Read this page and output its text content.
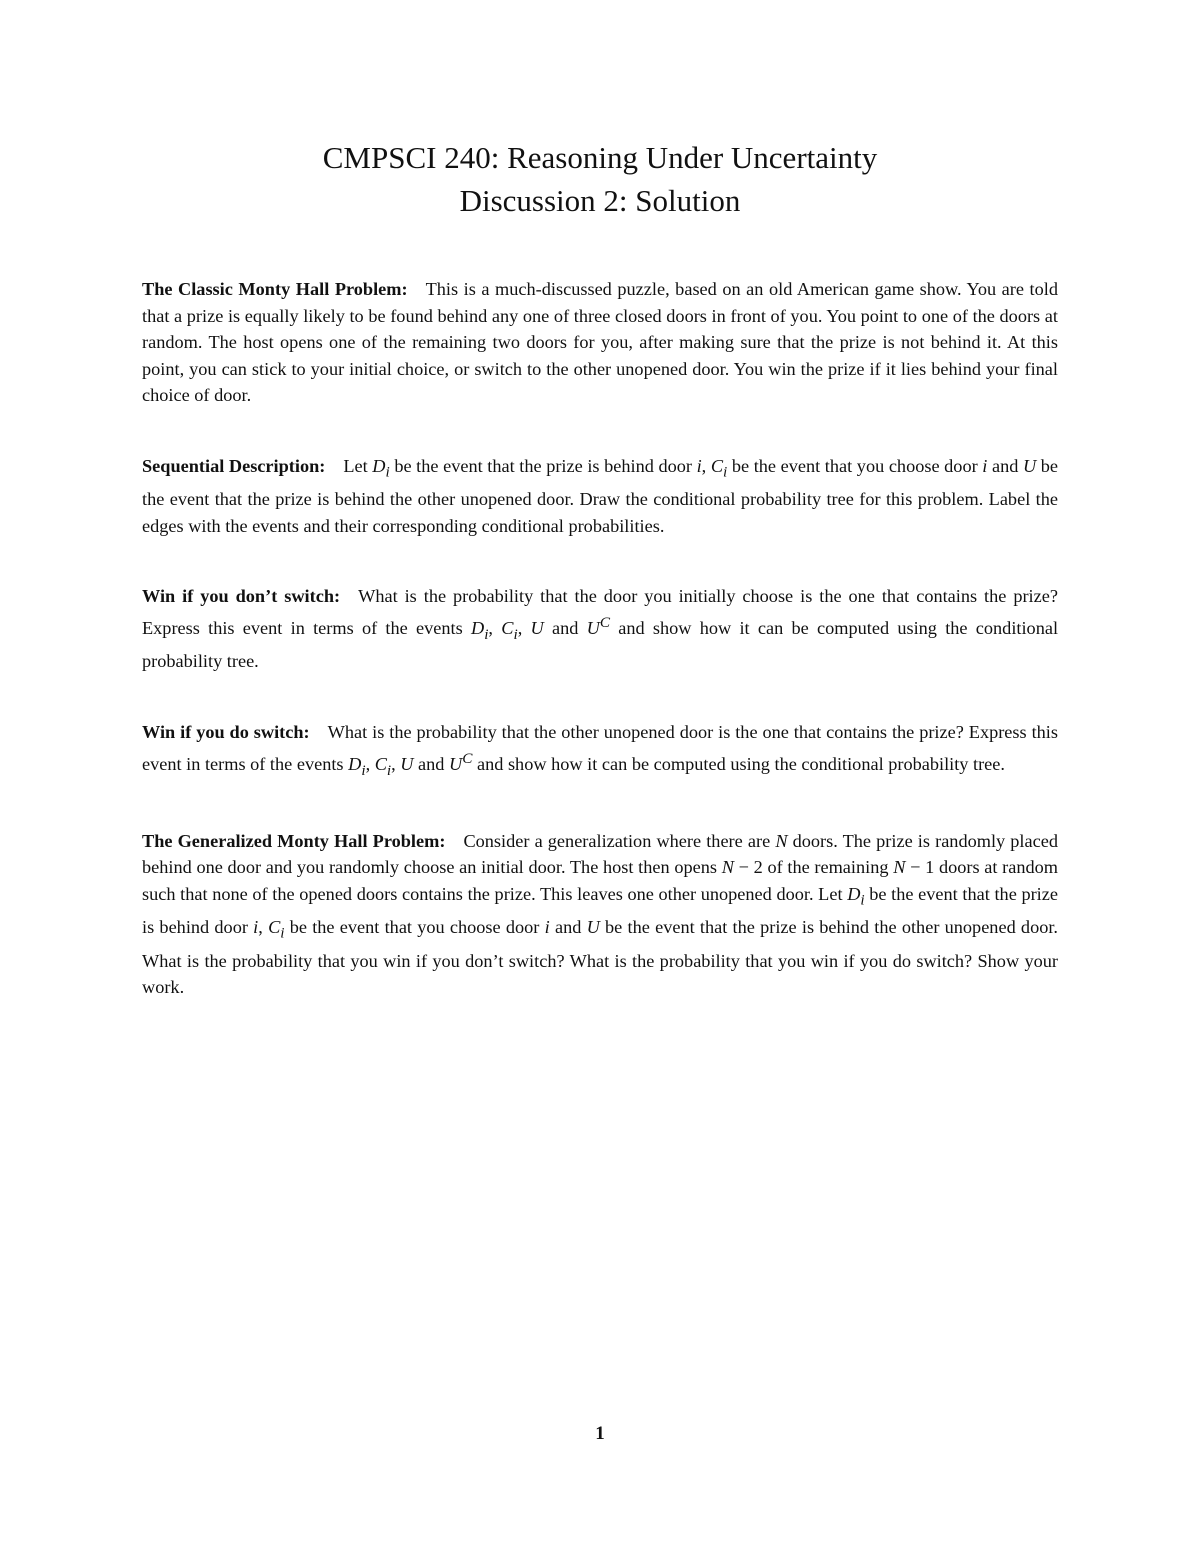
CMPSCI 240: Reasoning Under Uncertainty

Discussion 2: Solution

The Classic Monty Hall Problem: This is a much-discussed puzzle, based on an old American game show. You are told that a prize is equally likely to be found behind any one of three closed doors in front of you. You point to one of the doors at random. The host opens one of the remaining two doors for you, after making sure that the prize is not behind it. At this point, you can stick to your initial choice, or switch to the other unopened door. You win the prize if it lies behind your final choice of door.

Sequential Description: Let $D_i$ be the event that the prize is behind door i, $C_i$ be the event that you choose door i and U be the event that the prize is behind the other unopened door. Draw the conditional probability tree for this problem. Label the edges with the events and their corresponding conditional probabilities.

Win if you don’t switch: What is the probability that the door you initially choose is the one that contains the prize? Express this event in terms of the events $D_i$, $C_i$, U and $U^C$ and show how it can be computed using the conditional probability tree.

Win if you do switch: What is the probability that the other unopened door is the one that contains the prize? Express this event in terms of the events $D_i$, $C_i$, U and $U^C$ and show how it can be computed using the conditional probability tree.

The Generalized Monty Hall Problem: Consider a generalization where there are N doors. The prize is randomly placed behind one door and you randomly choose an initial door. The host then opens N − 2 of the remaining N − 1 doors at random such that none of the opened doors contains the prize. This leaves one other unopened door. Let $D_i$ be the event that the prize is behind door i, $C_i$ be the event that you choose door i and U be the event that the prize is behind the other unopened door. What is the probability that you win if you don’t switch? What is the probability that you win if you do switch? Show your work.

1
